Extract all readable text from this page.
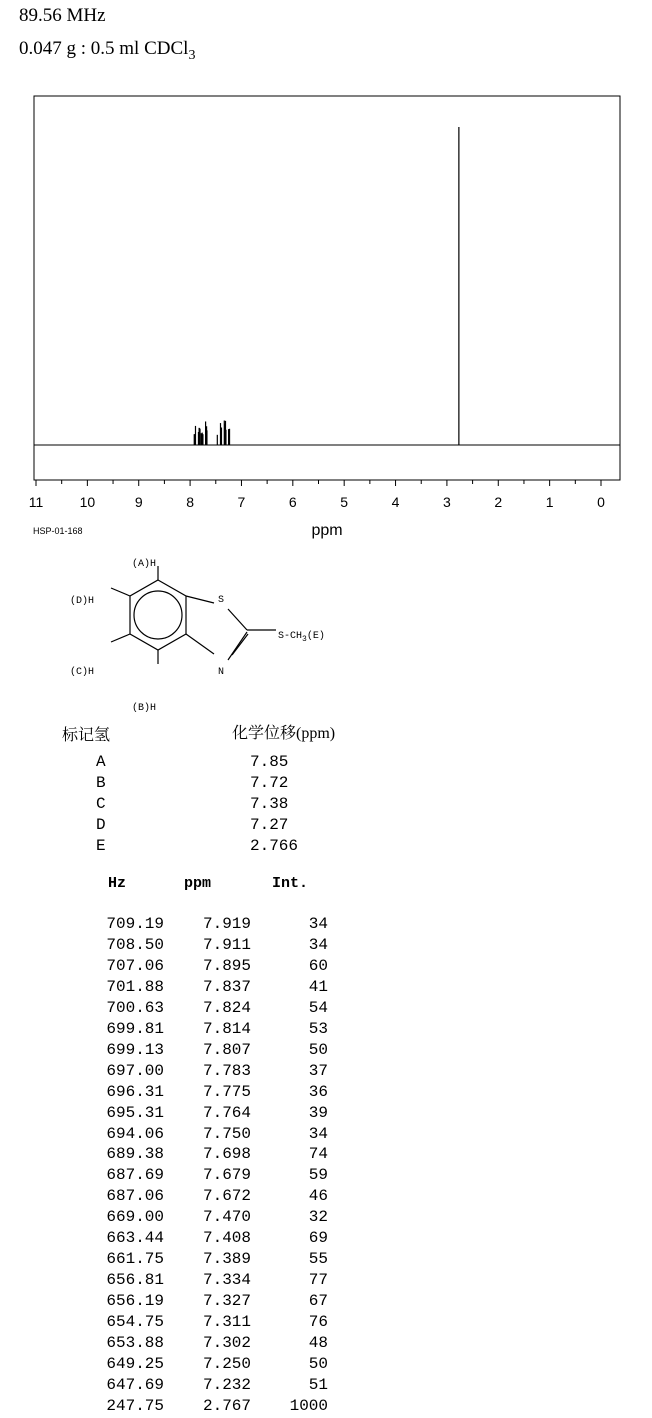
89.56 MHz
0.047 g : 0.5 ml CDCl$_3$
11	10	9	8	7	6	5	4	3	2	1	0
ppm
HSP-01-168
(A)H
(D)H
(C)H
(B)H
S
N
$S-CH_3(E)$
标记氢	化学位移(ppm)
A	7.85
B	7.72
C	7.38
D	7.27
E	2.766
Hz	ppm	Int.
709.19	7.919	34
708.50	7.911	34
707.06	7.895	60
701.88	7.837	41
700.63	7.824	54
699.81	7.814	53
699.13	7.807	50
697.00	7.783	37
696.31	7.775	36
695.31	7.764	39
694.06	7.750	34
689.38	7.698	74
687.69	7.679	59
687.06	7.672	46
669.00	7.470	32
663.44	7.408	69
661.75	7.389	55
656.81	7.334	77
656.19	7.327	67
654.75	7.311	76
653.88	7.302	48
649.25	7.250	50
647.69	7.232	51
247.75	2.767	1000
